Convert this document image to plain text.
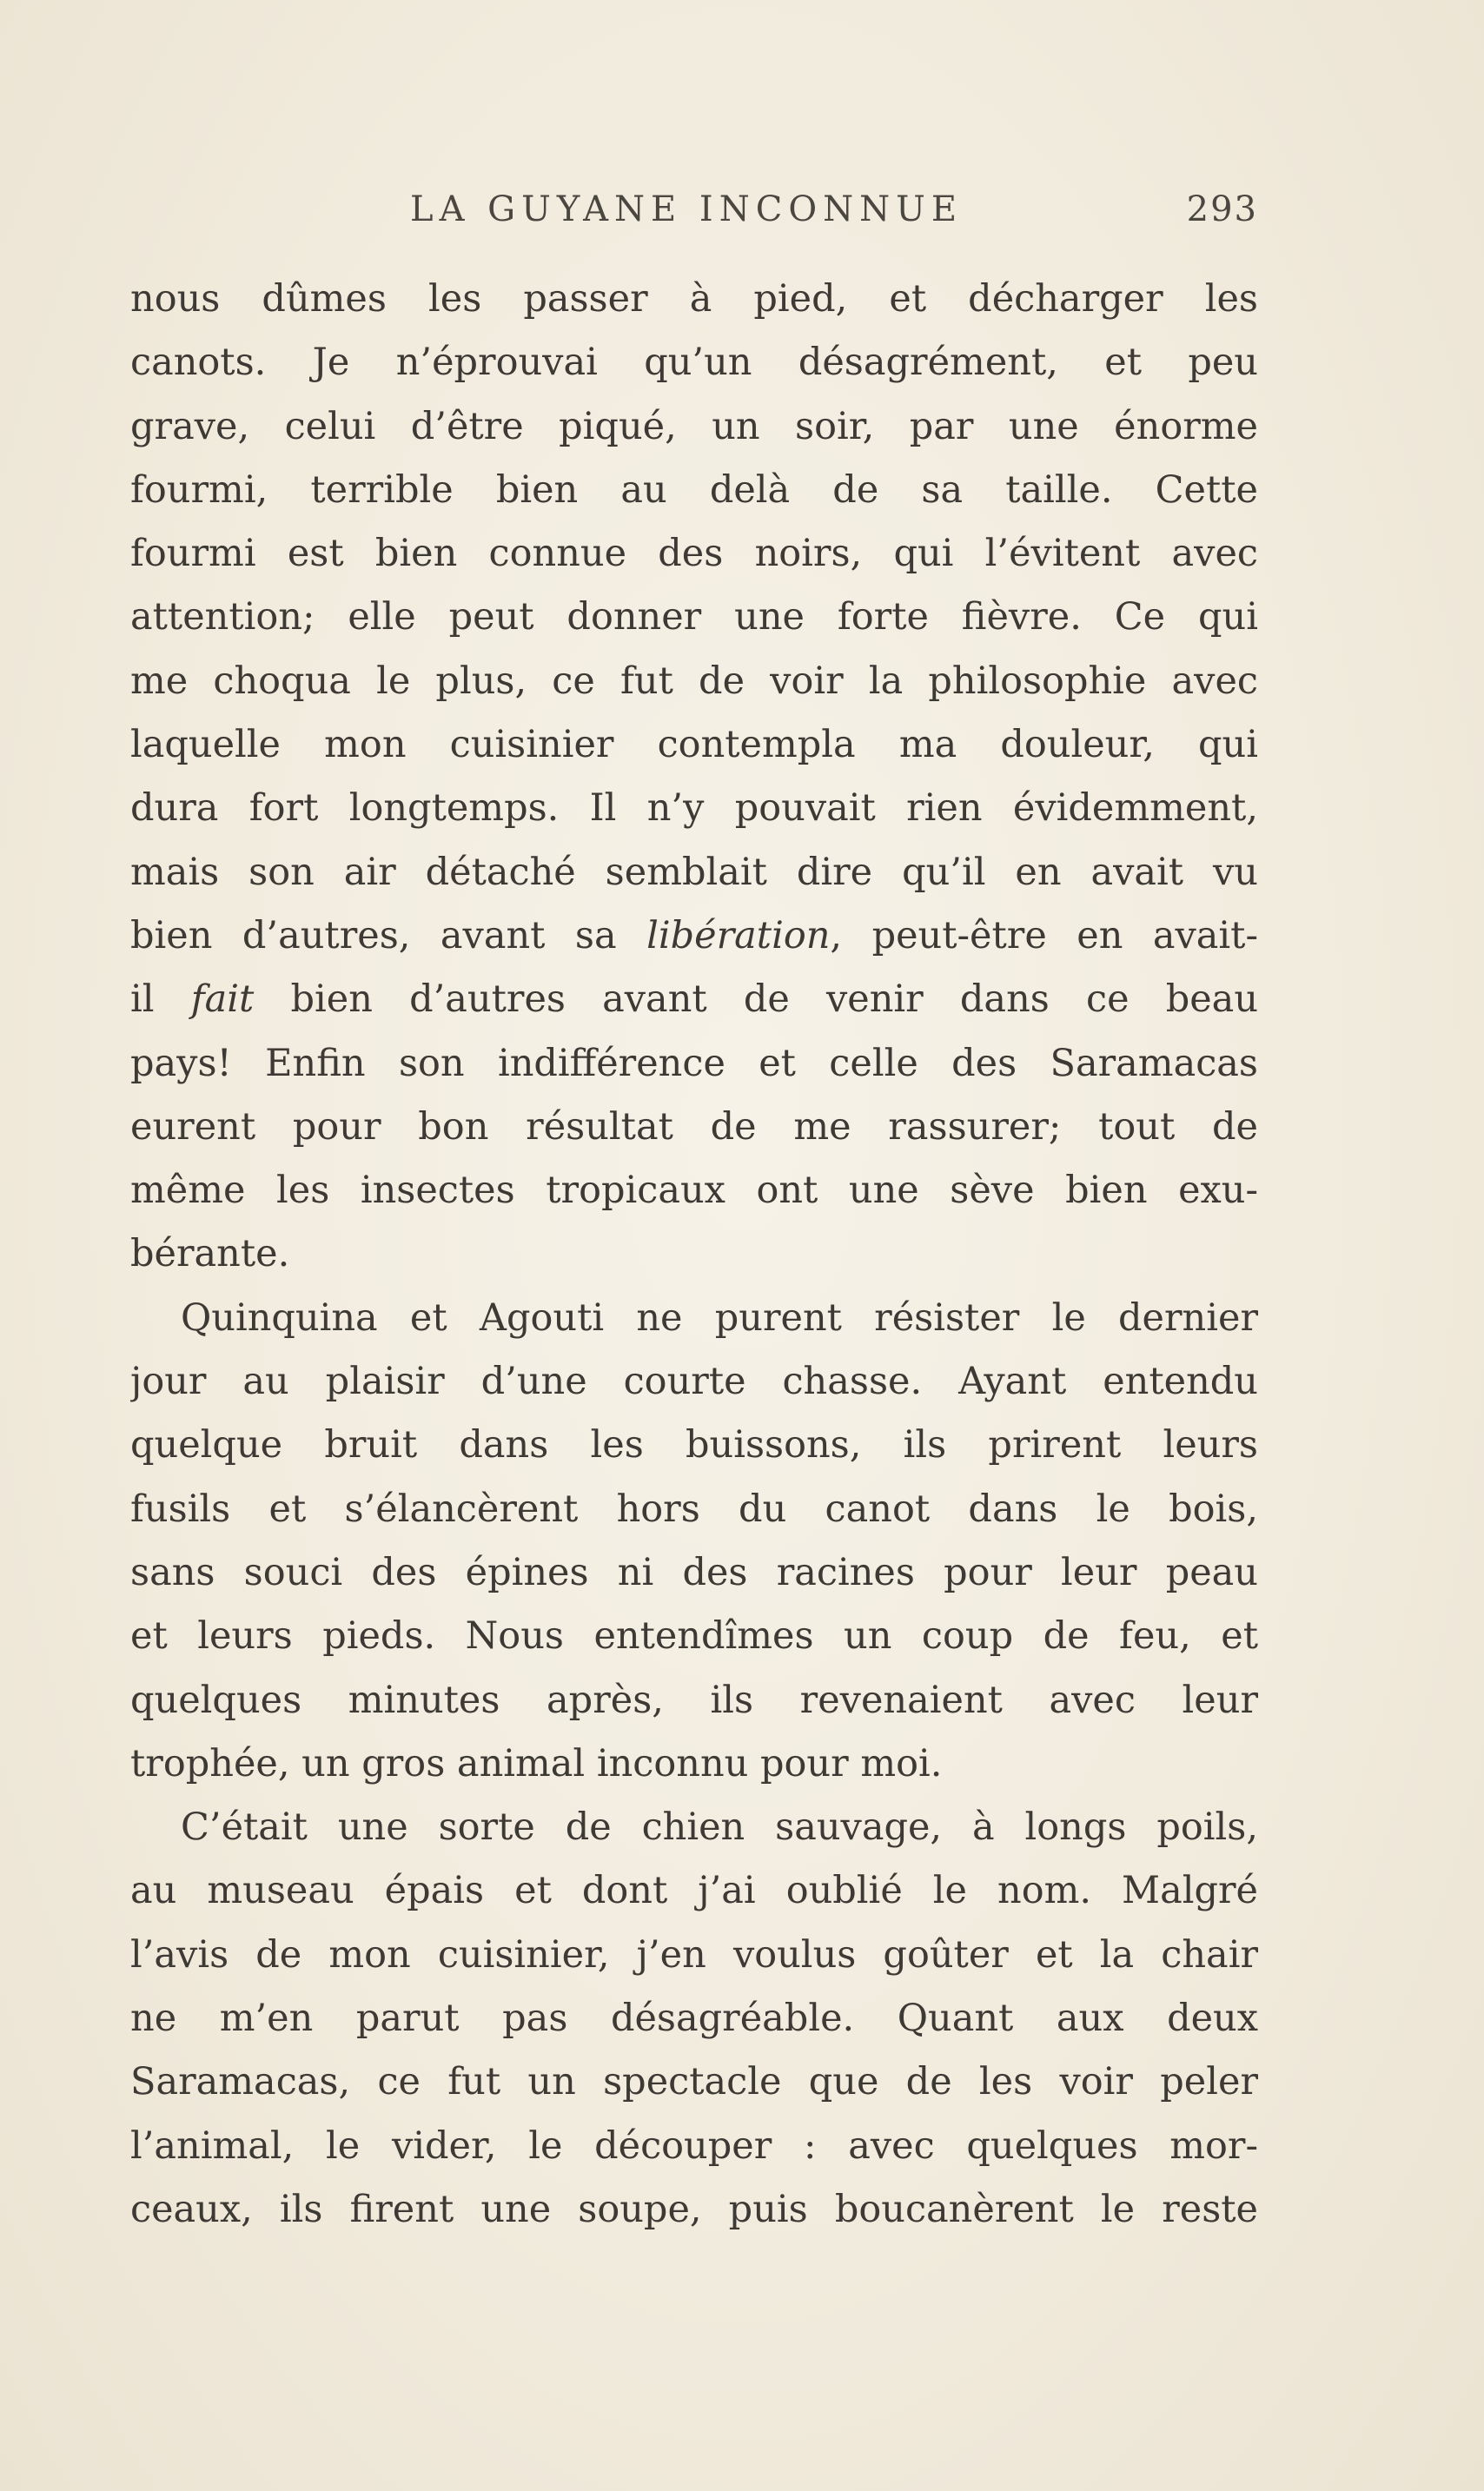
LA GUYANE INCONNUE	293
nous dûmes les passer à pied, et décharger les
canots. Je n’éprouvai qu’un désagrément, et peu
grave, celui d’être piqué, un soir, par une énorme
fourmi, terrible bien au delà de sa taille. Cette
fourmi est bien connue des noirs, qui l’évitent avec
attention; elle peut donner une forte fièvre. Ce qui
me choqua le plus, ce fut de voir la philosophie avec
laquelle mon cuisinier contempla ma douleur, qui
dura fort longtemps. Il n’y pouvait rien évidemment,
mais son air détaché semblait dire qu’il en avait vu
bien d’autres, avant sa libération, peut-être en avait-
il fait bien d’autres avant de venir dans ce beau
pays! Enfin son indifférence et celle des Saramacas
eurent pour bon résultat de me rassurer; tout de
même les insectes tropicaux ont une sève bien exu-
bérante.
Quinquina et Agouti ne purent résister le dernier
jour au plaisir d’une courte chasse. Ayant entendu
quelque bruit dans les buissons, ils prirent leurs
fusils et s’élancèrent hors du canot dans le bois,
sans souci des épines ni des racines pour leur peau
et leurs pieds. Nous entendîmes un coup de feu, et
quelques minutes après, ils revenaient avec leur
trophée, un gros animal inconnu pour moi.
C’était une sorte de chien sauvage, à longs poils,
au museau épais et dont j’ai oublié le nom. Malgré
l’avis de mon cuisinier, j’en voulus goûter et la chair
ne m’en parut pas désagréable. Quant aux deux
Saramacas, ce fut un spectacle que de les voir peler
l’animal, le vider, le découper : avec quelques mor-
ceaux, ils firent une soupe, puis boucanèrent le reste
